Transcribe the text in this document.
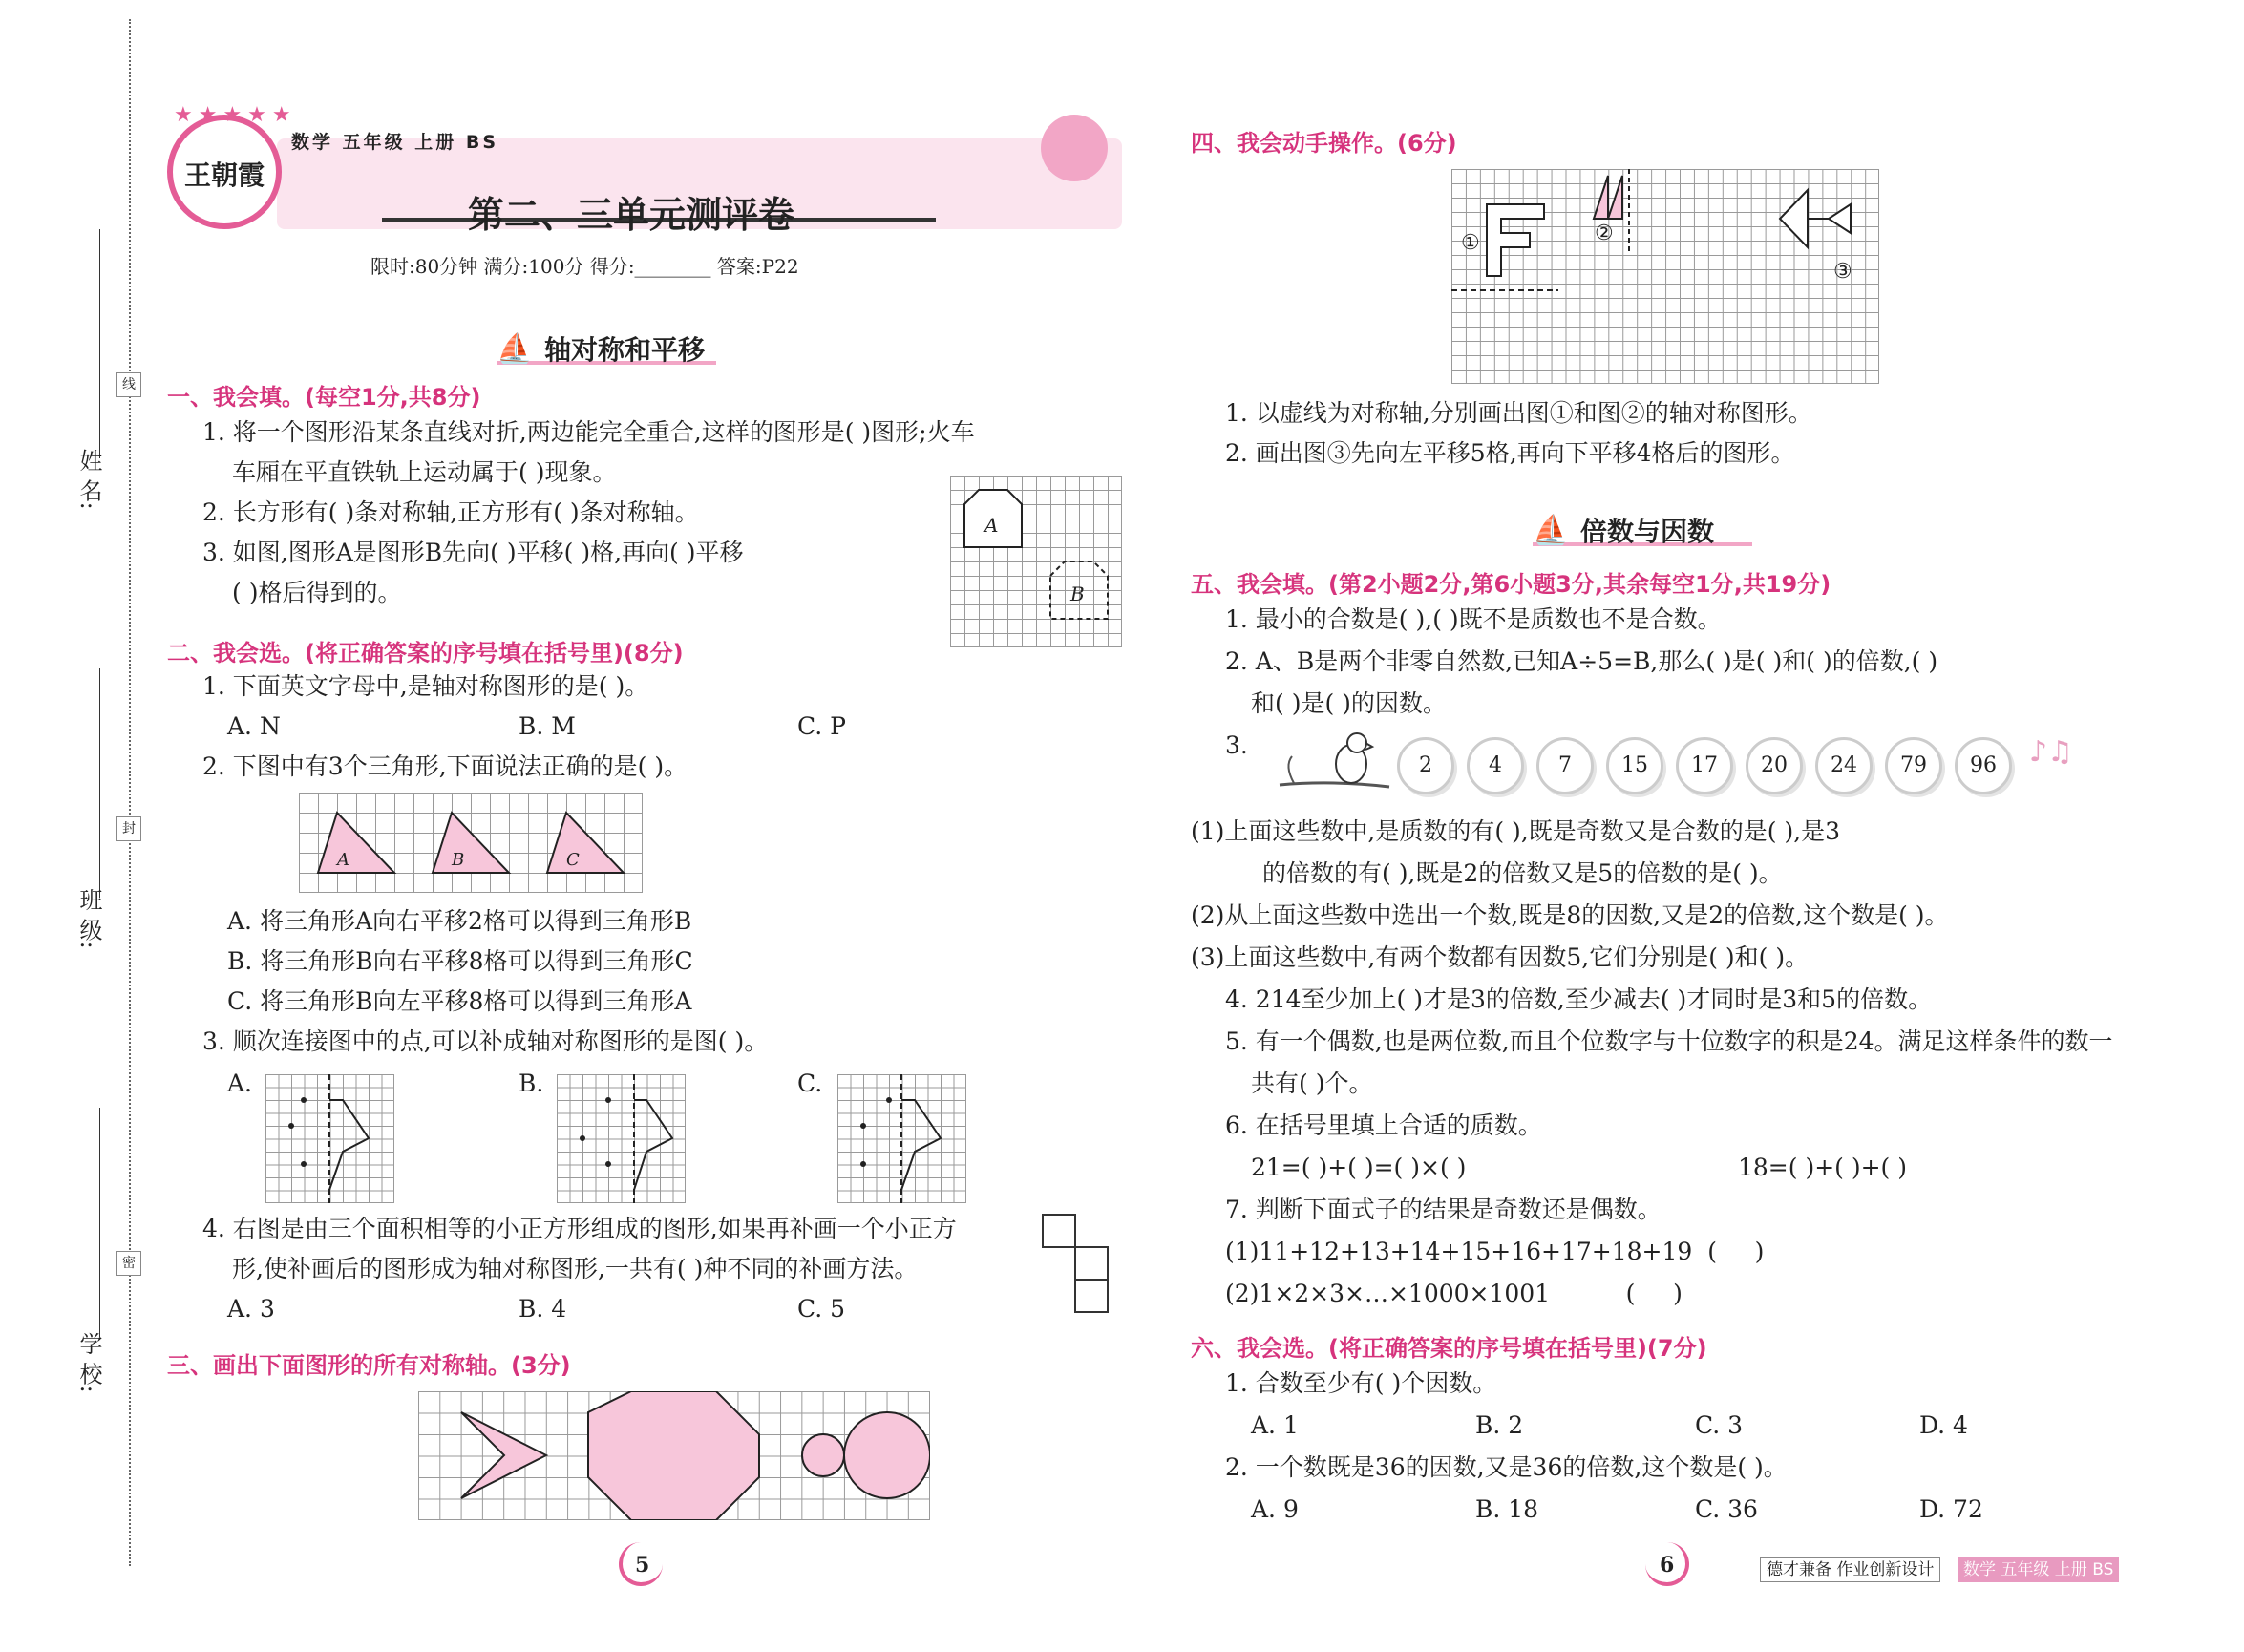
线
封
密
姓 名:
班 级:
学 校:
王朝霞
★★★★★
数学 五年级 上册 BS
第二、三单元测评卷
限时:80分钟 满分:100分 得分:________ 答案:P22
⛵ 轴对称和平移
一、我会填。(每空1分,共8分)
1. 将一个图形沿某条直线对折,两边能完全重合,这样的图形是( )图形;火车
车厢在平直铁轨上运动属于( )现象。
2. 长方形有( )条对称轴,正方形有( )条对称轴。
3. 如图,图形A是图形B先向( )平移( )格,再向( )平移
( )格后得到的。
A
B
二、我会选。(将正确答案的序号填在括号里)(8分)
1. 下面英文字母中,是轴对称图形的是( )。
A. N	B. M	C. P
2. 下图中有3个三角形,下面说法正确的是( )。
A	B	C
A. 将三角形A向右平移2格可以得到三角形B
B. 将三角形B向右平移8格可以得到三角形C
C. 将三角形B向左平移8格可以得到三角形A
3. 顺次连接图中的点,可以补成轴对称图形的是图( )。
A.	B.	C.
4. 右图是由三个面积相等的小正方形组成的图形,如果再补画一个小正方
形,使补画后的图形成为轴对称图形,一共有( )种不同的补画方法。
A. 3	B. 4	C. 5
三、画出下面图形的所有对称轴。(3分)
5
四、我会动手操作。(6分)
①	②
③
1. 以虚线为对称轴,分别画出图①和图②的轴对称图形。
2. 画出图③先向左平移5格,再向下平移4格后的图形。
⛵ 倍数与因数
五、我会填。(第2小题2分,第6小题3分,其余每空1分,共19分)
1. 最小的合数是( ),( )既不是质数也不是合数。
2. A、B是两个非零自然数,已知A÷5=B,那么( )是( )和( )的倍数,( )
和( )是( )的因数。
3.
2	4	7	15	17	20	24	79	96	♪♫
(1)上面这些数中,是质数的有( ),既是奇数又是合数的是( ),是3
的倍数的有( ),既是2的倍数又是5的倍数的是( )。
(2)从上面这些数中选出一个数,既是8的因数,又是2的倍数,这个数是( )。
(3)上面这些数中,有两个数都有因数5,它们分别是( )和( )。
4. 214至少加上( )才是3的倍数,至少减去( )才同时是3和5的倍数。
5. 有一个偶数,也是两位数,而且个位数字与十位数字的积是24。满足这样条件的数一
共有( )个。
6. 在括号里填上合适的质数。
21=( )+( )=( )×( )	18=( )+( )+( )
7. 判断下面式子的结果是奇数还是偶数。
(1)11+12+13+14+15+16+17+18+19  (     )
(2)1×2×3×…×1000×1001          (     )
六、我会选。(将正确答案的序号填在括号里)(7分)
1. 合数至少有( )个因数。
A. 1	B. 2	C. 3	D. 4
2. 一个数既是36的因数,又是36的倍数,这个数是( )。
A. 9	B. 18	C. 36	D. 72
6	德才兼备 作业创新设计	数学 五年级 上册 BS
